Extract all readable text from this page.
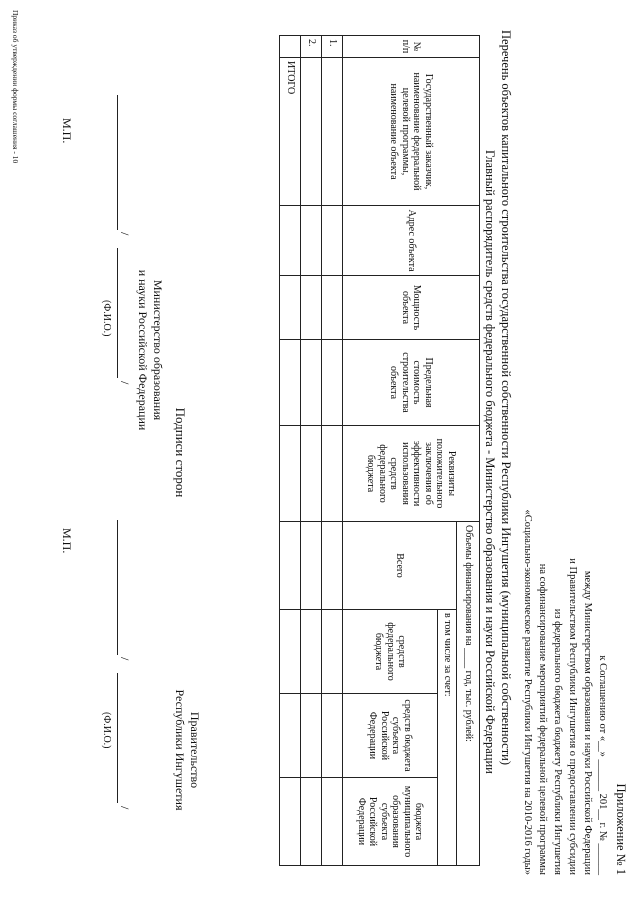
Приложение № 1
к Соглашению от «__» ______ 201__ г. № ______
между Министерством образования и науки Российской Федерации
и Правительством Республики Ингушетия о предоставлении субсидии
из федерального бюджета бюджету Республики Ингушетия
на софинансирование мероприятий федеральной целевой программы
«Социально-экономическое развитие Республики Ингушетия на 2010-2016 годы»
Перечень объектов капитального строительства государственной собственности Республики Ингушетия (муниципальной собственности)
Главный распорядитель средств федерального бюджета - Министерство образования и науки Российской Федерации
№ п/п	Государственный заказчик, наименование федеральной целевой программы, наименование объекта	Адрес объекта	Мощность объекта	Предельная стоимость строительства объекта	Реквизиты положительного заключения об эффективности использования средств федерального бюджета	Объемы финансирования на ____ год, тыс. рублей:			
						Всего	в том числе за счет:		
							средств федерального бюджета	средств бюджета субъекта Российской Федерации	бюджета муниципального образования субъекта Российской Федерации
1.									
2.									
	ИТОГО								
Подписи сторон
Министерство образования
и науки Российской Федерации
/
/
(Ф.И.О.)
М.П.
Правительство
Республики Ингушетия
/
/
(Ф.И.О.)
М.П.
Приказ об утверждении формы соглашения - 10
